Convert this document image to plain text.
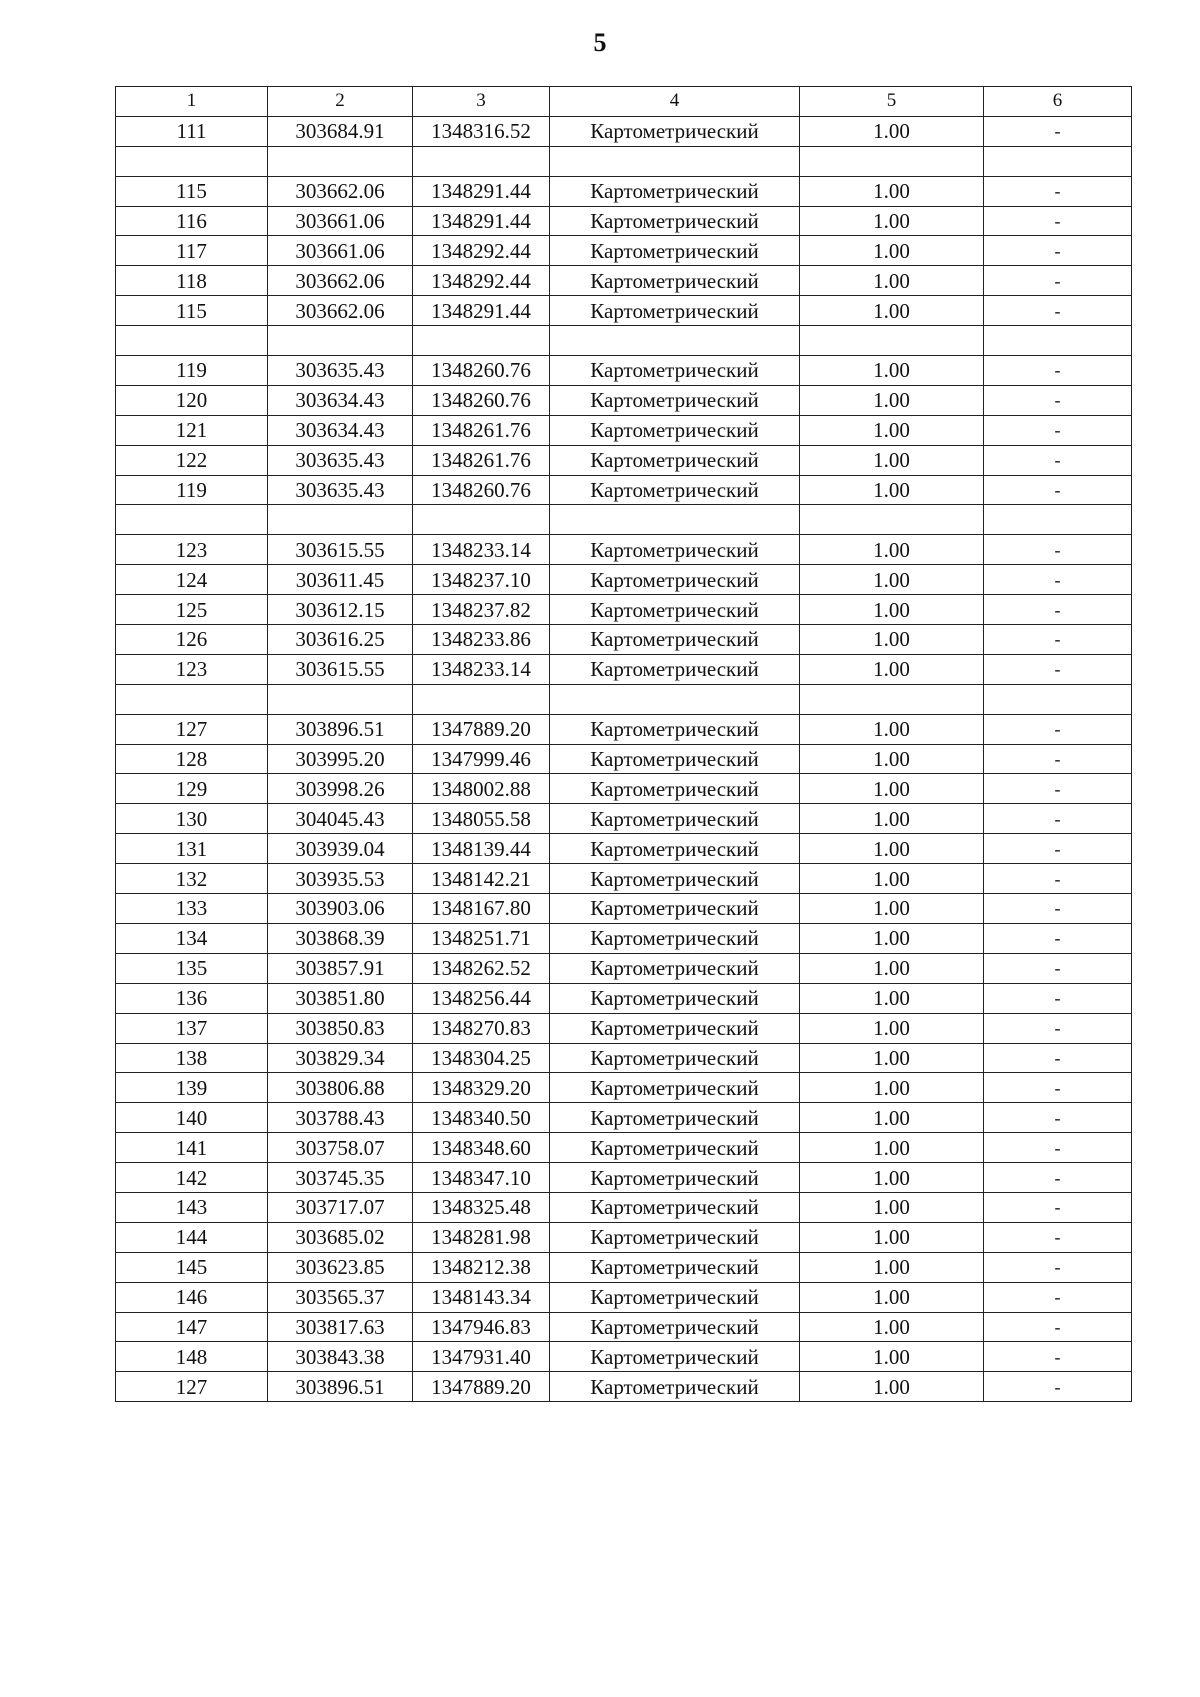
5
1	2	3	4	5	6
111	303684.91	1348316.52	Картометрический	1.00	-

115	303662.06	1348291.44	Картометрический	1.00	-
116	303661.06	1348291.44	Картометрический	1.00	-
117	303661.06	1348292.44	Картометрический	1.00	-
118	303662.06	1348292.44	Картометрический	1.00	-
115	303662.06	1348291.44	Картометрический	1.00	-

119	303635.43	1348260.76	Картометрический	1.00	-
120	303634.43	1348260.76	Картометрический	1.00	-
121	303634.43	1348261.76	Картометрический	1.00	-
122	303635.43	1348261.76	Картометрический	1.00	-
119	303635.43	1348260.76	Картометрический	1.00	-

123	303615.55	1348233.14	Картометрический	1.00	-
124	303611.45	1348237.10	Картометрический	1.00	-
125	303612.15	1348237.82	Картометрический	1.00	-
126	303616.25	1348233.86	Картометрический	1.00	-
123	303615.55	1348233.14	Картометрический	1.00	-

127	303896.51	1347889.20	Картометрический	1.00	-
128	303995.20	1347999.46	Картометрический	1.00	-
129	303998.26	1348002.88	Картометрический	1.00	-
130	304045.43	1348055.58	Картометрический	1.00	-
131	303939.04	1348139.44	Картометрический	1.00	-
132	303935.53	1348142.21	Картометрический	1.00	-
133	303903.06	1348167.80	Картометрический	1.00	-
134	303868.39	1348251.71	Картометрический	1.00	-
135	303857.91	1348262.52	Картометрический	1.00	-
136	303851.80	1348256.44	Картометрический	1.00	-
137	303850.83	1348270.83	Картометрический	1.00	-
138	303829.34	1348304.25	Картометрический	1.00	-
139	303806.88	1348329.20	Картометрический	1.00	-
140	303788.43	1348340.50	Картометрический	1.00	-
141	303758.07	1348348.60	Картометрический	1.00	-
142	303745.35	1348347.10	Картометрический	1.00	-
143	303717.07	1348325.48	Картометрический	1.00	-
144	303685.02	1348281.98	Картометрический	1.00	-
145	303623.85	1348212.38	Картометрический	1.00	-
146	303565.37	1348143.34	Картометрический	1.00	-
147	303817.63	1347946.83	Картометрический	1.00	-
148	303843.38	1347931.40	Картометрический	1.00	-
127	303896.51	1347889.20	Картометрический	1.00	-
